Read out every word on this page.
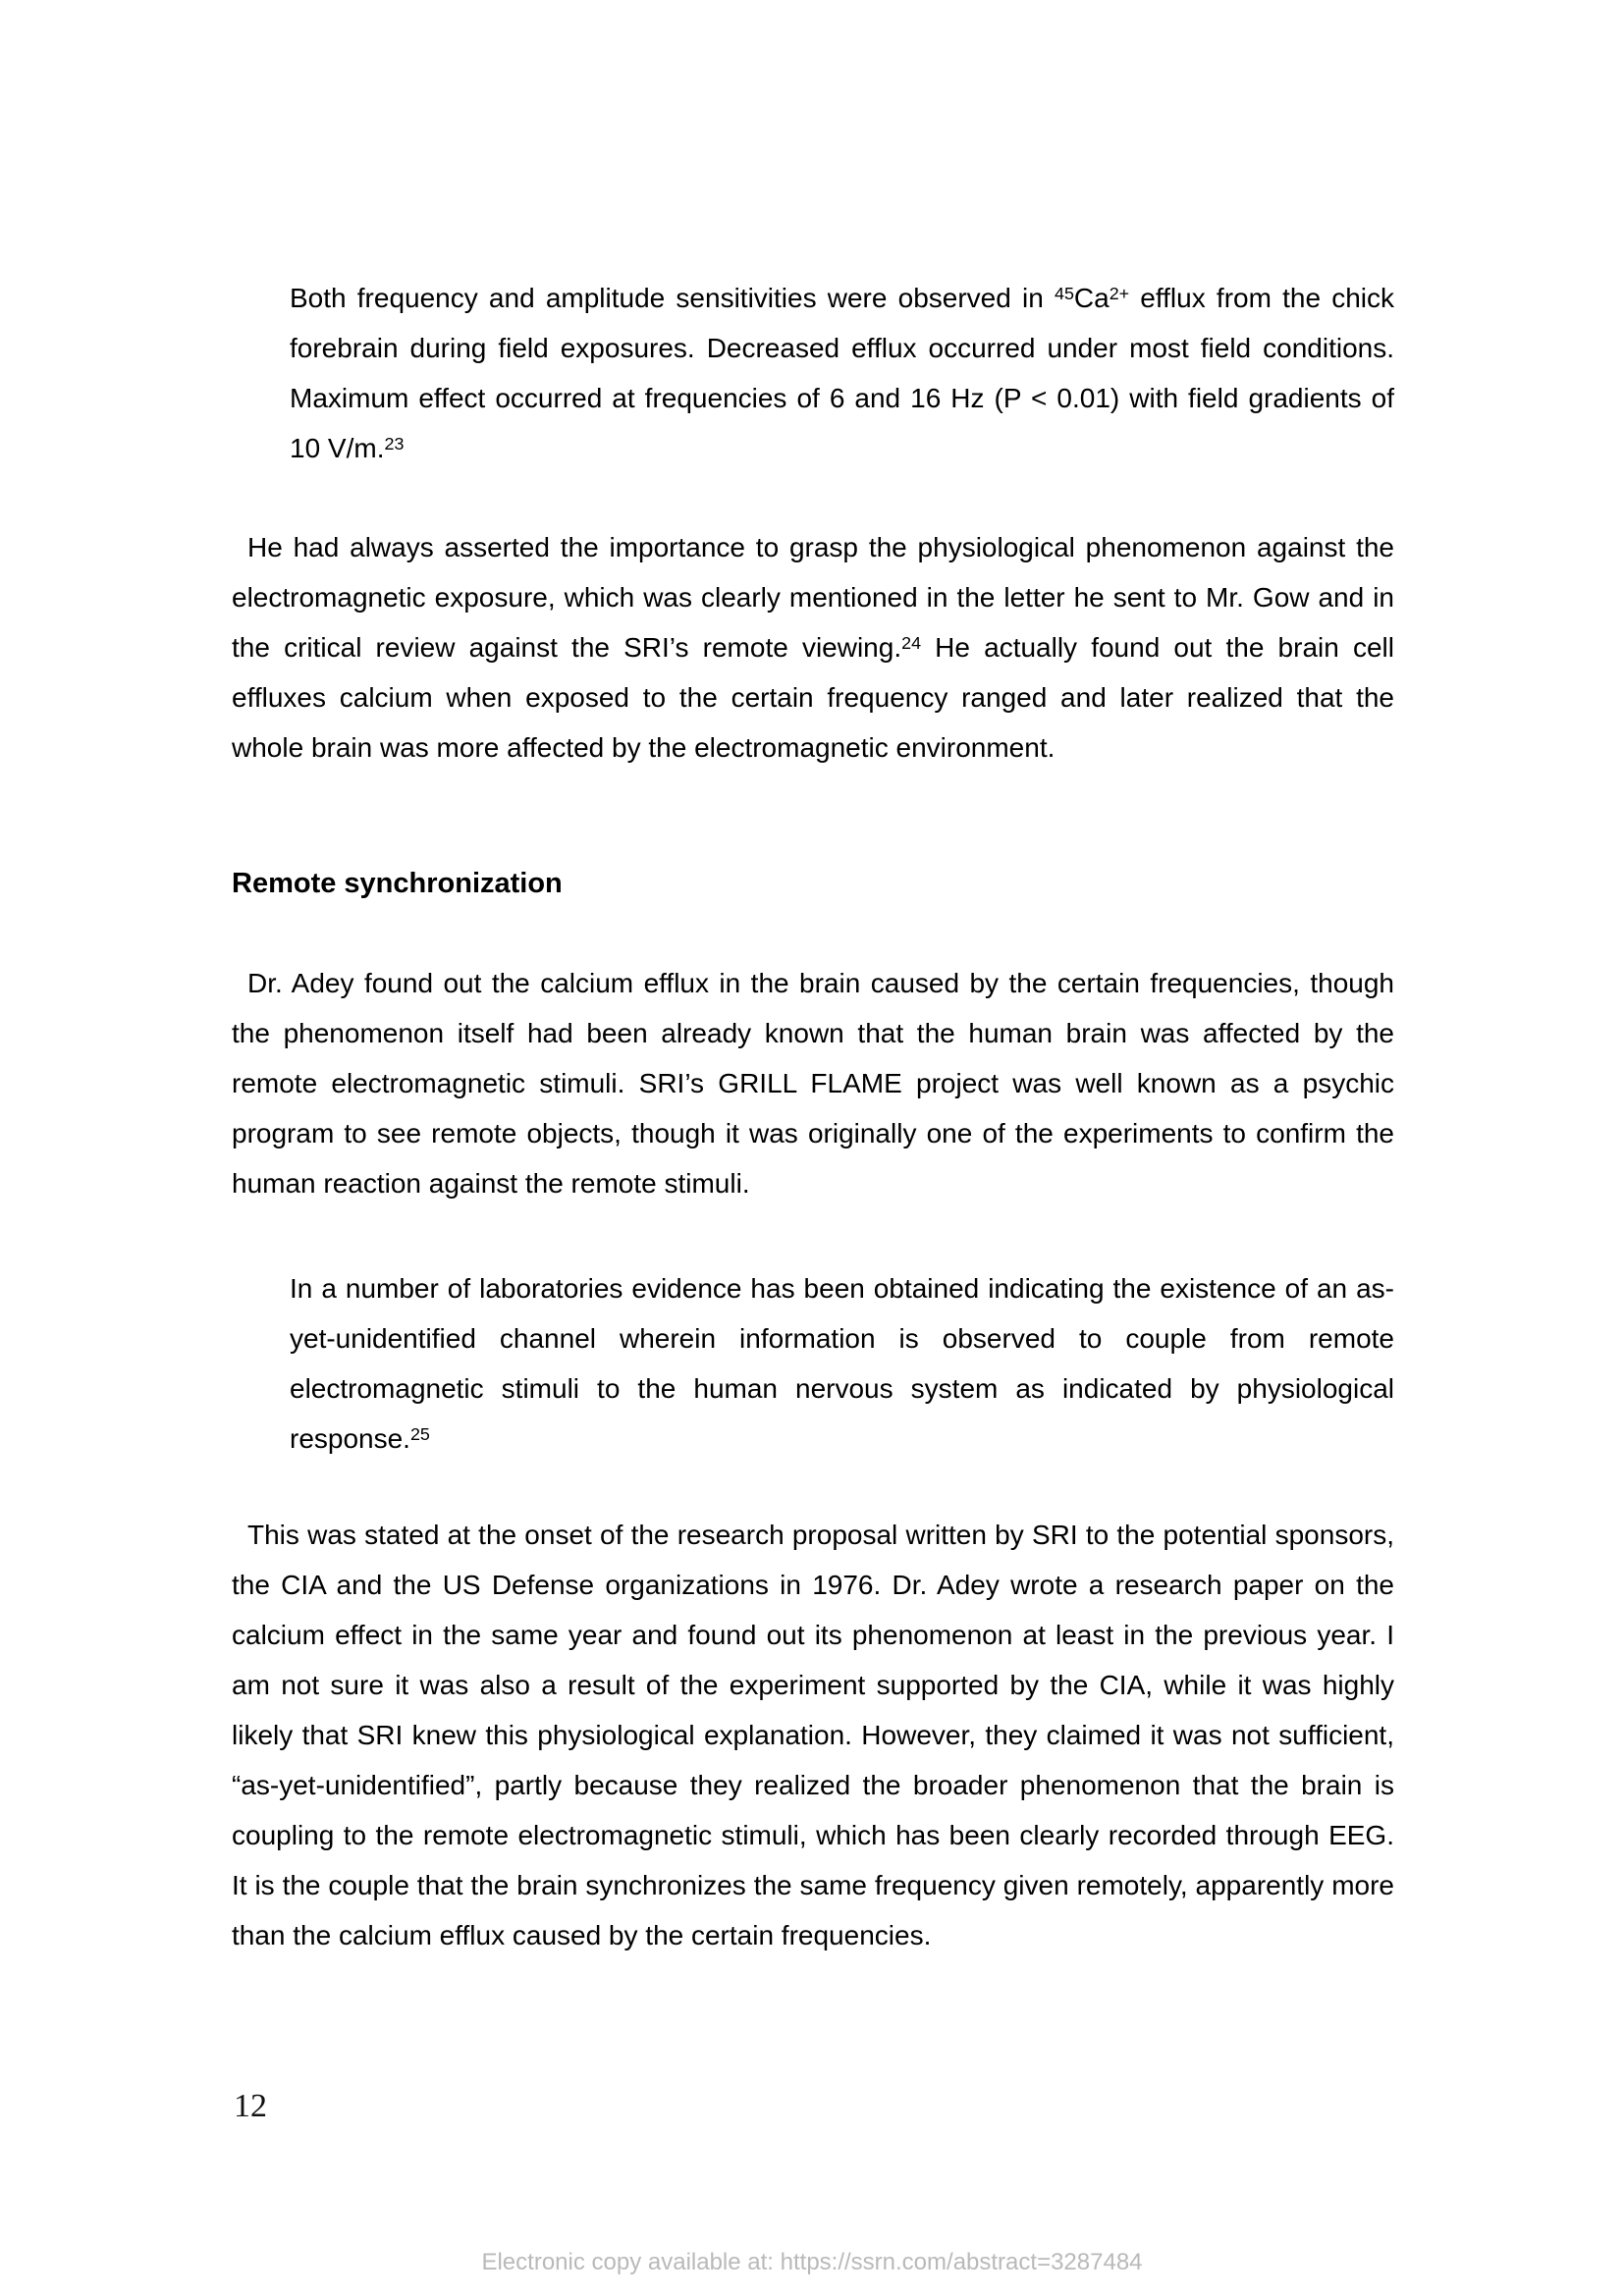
Both frequency and amplitude sensitivities were observed in $^{45}Ca^{2+}$ efflux from the chick forebrain during field exposures. Decreased efflux occurred under most field conditions. Maximum effect occurred at frequencies of 6 and 16 Hz (P < 0.01) with field gradients of 10 V/m.$^{23}$

He had always asserted the importance to grasp the physiological phenomenon against the electromagnetic exposure, which was clearly mentioned in the letter he sent to Mr. Gow and in the critical review against the SRI’s remote viewing.$^{24}$ He actually found out the brain cell effluxes calcium when exposed to the certain frequency ranged and later realized that the whole brain was more affected by the electromagnetic environment.

Remote synchronization

Dr. Adey found out the calcium efflux in the brain caused by the certain frequencies, though the phenomenon itself had been already known that the human brain was affected by the remote electromagnetic stimuli. SRI’s GRILL FLAME project was well known as a psychic program to see remote objects, though it was originally one of the experiments to confirm the human reaction against the remote stimuli.

In a number of laboratories evidence has been obtained indicating the existence of an as-yet-unidentified channel wherein information is observed to couple from remote electromagnetic stimuli to the human nervous system as indicated by physiological response.$^{25}$

This was stated at the onset of the research proposal written by SRI to the potential sponsors, the CIA and the US Defense organizations in 1976. Dr. Adey wrote a research paper on the calcium effect in the same year and found out its phenomenon at least in the previous year. I am not sure it was also a result of the experiment supported by the CIA, while it was highly likely that SRI knew this physiological explanation. However, they claimed it was not sufficient, “as-yet-unidentified”, partly because they realized the broader phenomenon that the brain is coupling to the remote electromagnetic stimuli, which has been clearly recorded through EEG. It is the couple that the brain synchronizes the same frequency given remotely, apparently more than the calcium efflux caused by the certain frequencies.

12
Electronic copy available at: https://ssrn.com/abstract=3287484
